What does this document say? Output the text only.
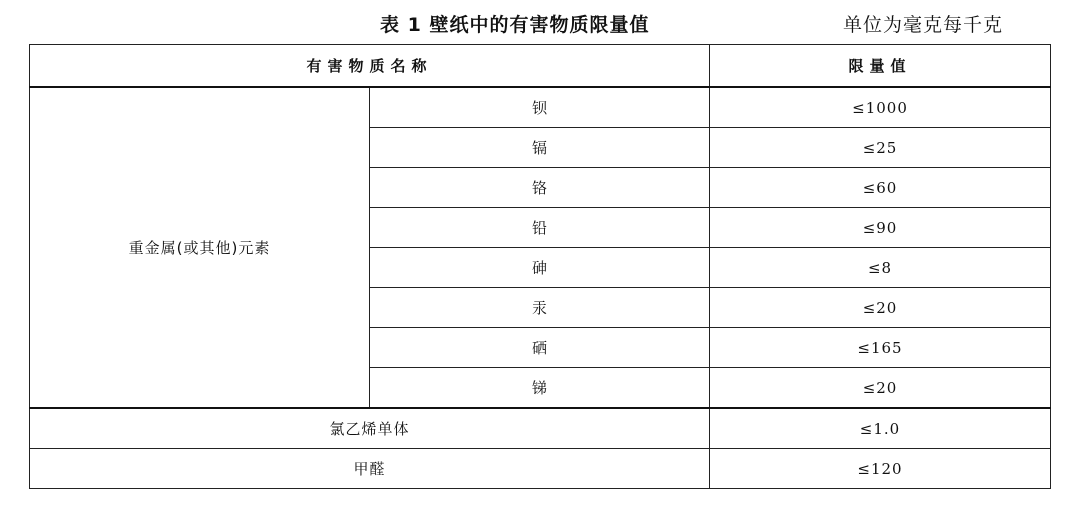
表 1 壁纸中的有害物质限量值	单位为毫克每千克
有害物质名称		限量值
重金属(或其他)元素	钡	≤1000
	镉	≤25
	铬	≤60
	铅	≤90
	砷	≤8
	汞	≤20
	硒	≤165
	锑	≤20
氯乙烯单体		≤1.0
甲醛		≤120
